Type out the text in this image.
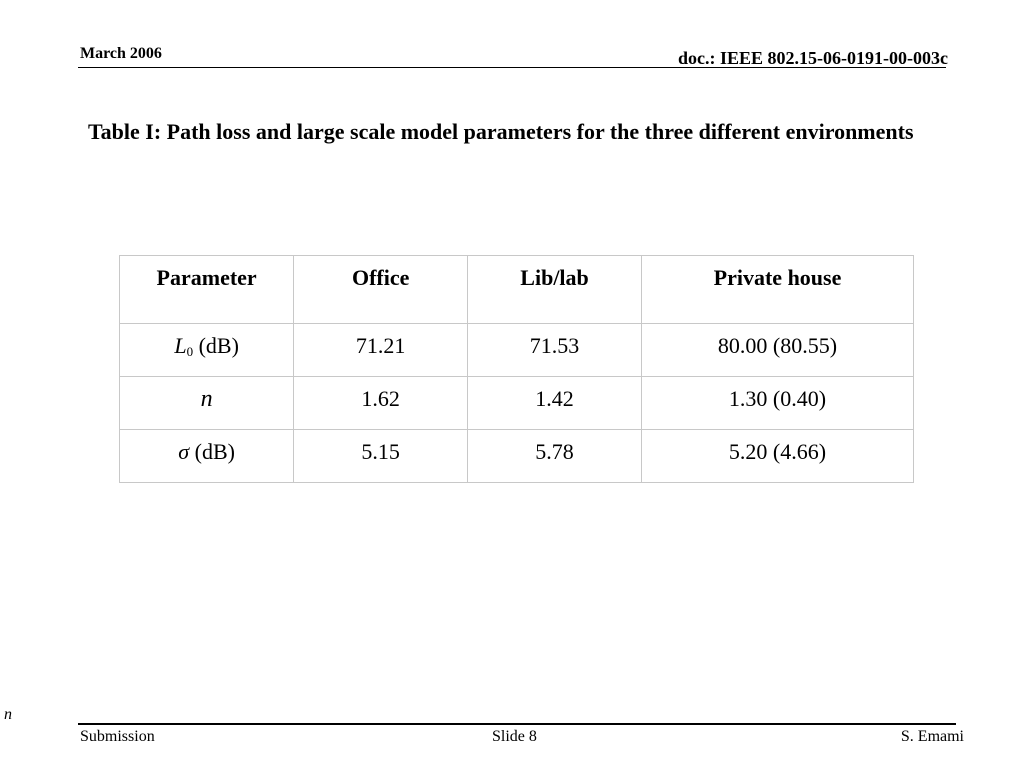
March 2006	doc.: IEEE 802.15-06-0191-00-003c
Table I: Path loss and large scale model parameters for the three different environments
Parameter	Office	Lib/lab	Private house
$L_0$ (dB)	71.21	71.53	80.00 (80.55)
n	1.62	1.42	1.30 (0.40)
σ (dB)	5.15	5.78	5.20 (4.66)
n
Submission	Slide 8	S. Emami
